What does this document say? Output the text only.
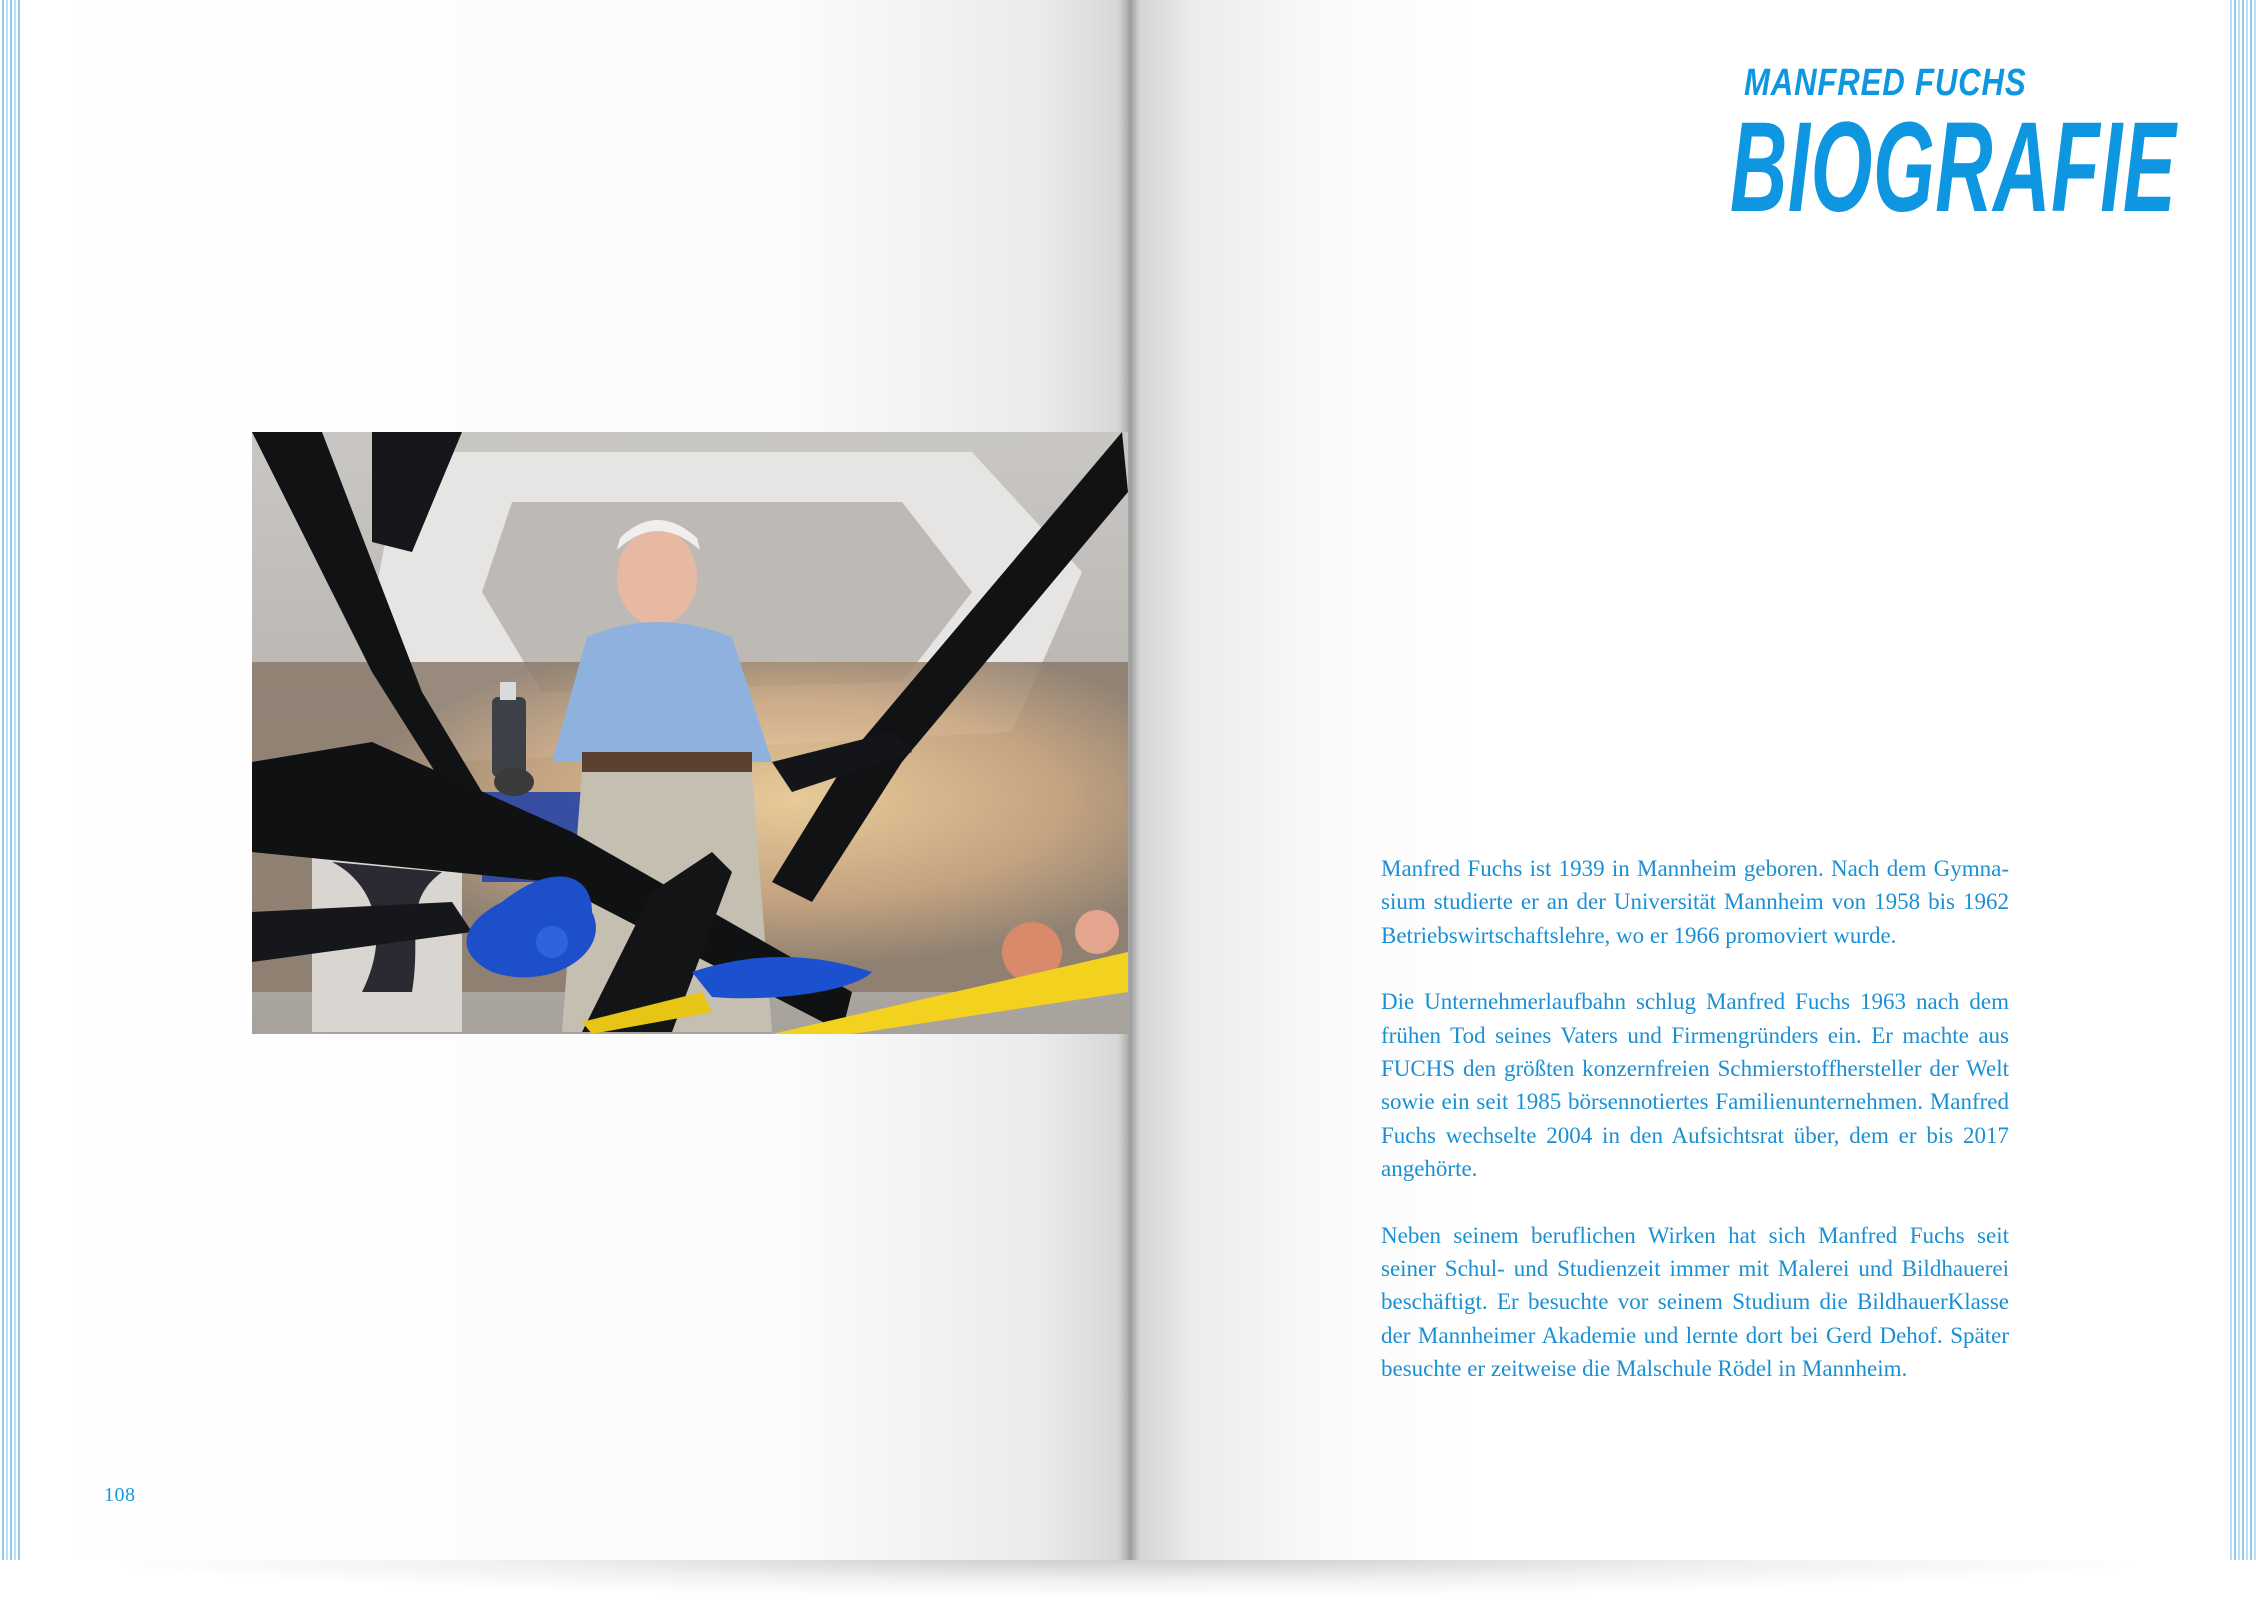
108
MANFRED FUCHS
BIOGRAFIE

Manfred Fuchs ist 1939 in Mannheim geboren. Nach dem Gymnasium studierte er an der Universität Mannheim von 1958 bis 1962 Betriebswirtschaftslehre, wo er 1966 promoviert wurde.

Die Unternehmerlaufbahn schlug Manfred Fuchs 1963 nach dem frühen Tod seines Vaters und Firmengründers ein. Er machte aus FUCHS den größten konzernfreien Schmierstoffhersteller der Welt sowie ein seit 1985 börsennotiertes Familienunternehmen. Manfred Fuchs wechselte 2004 in den Aufsichtsrat über, dem er bis 2017 angehörte.

Neben seinem beruflichen Wirken hat sich Manfred Fuchs seit seiner Schul- und Studienzeit immer mit Malerei und Bildhauerei beschäftigt. Er besuchte vor seinem Studium die BildhauerKlasse der Mannheimer Akademie und lernte dort bei Gerd Dehof. Später besuchte er zeitweise die Malschule Rödel in Mannheim.
